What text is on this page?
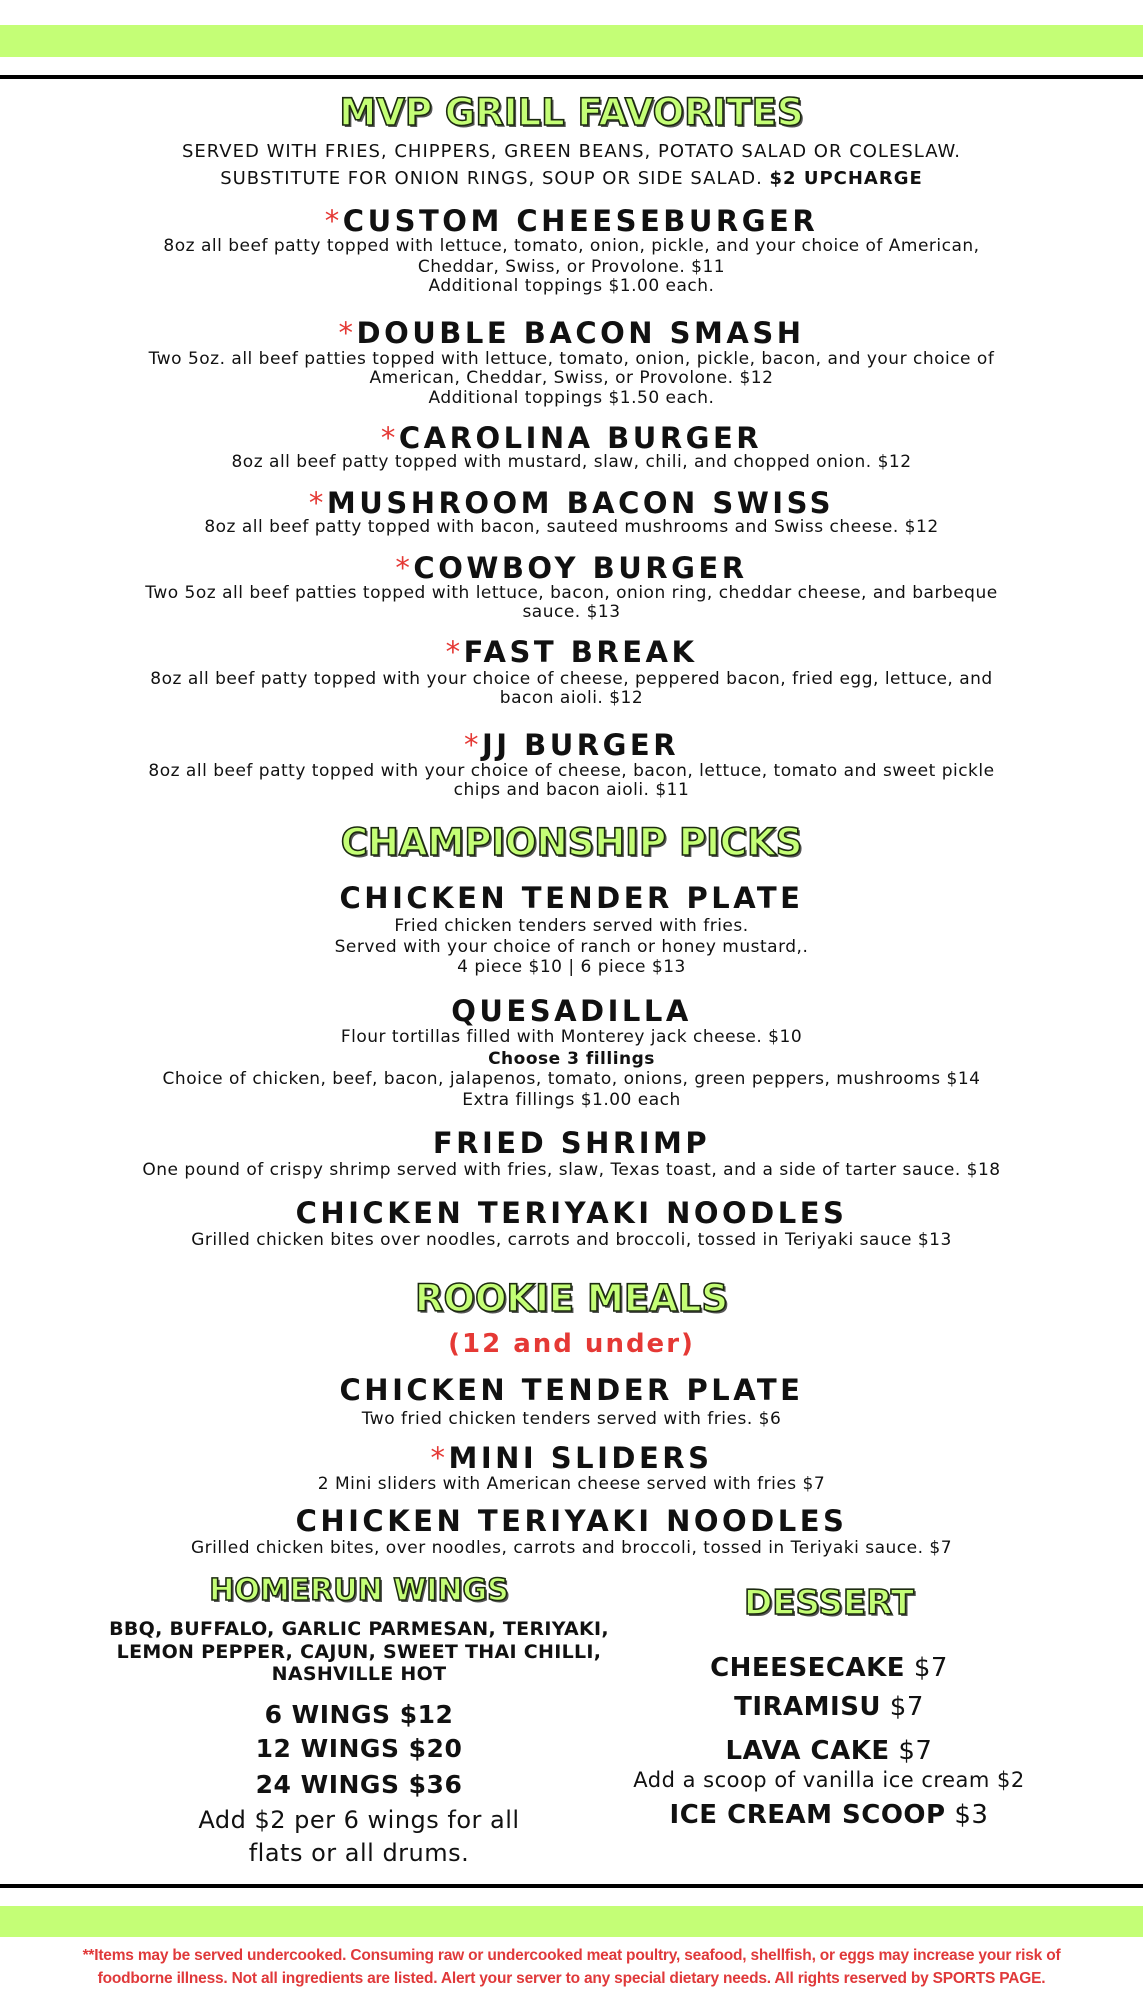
MVP GRILL FAVORITES
SERVED WITH FRIES, CHIPPERS, GREEN BEANS, POTATO SALAD OR COLESLAW.
SUBSTITUTE FOR ONION RINGS, SOUP OR SIDE SALAD. $2 UPCHARGE
*CUSTOM CHEESEBURGER
8oz all beef patty topped with lettuce, tomato, onion, pickle, and your choice of American,
Cheddar, Swiss, or Provolone. $11
Additional toppings $1.00 each.
*DOUBLE BACON SMASH
Two 5oz. all beef patties topped with lettuce, tomato, onion, pickle, bacon, and your choice of
American, Cheddar, Swiss, or Provolone. $12
Additional toppings $1.50 each.
*CAROLINA BURGER
8oz all beef patty topped with mustard, slaw, chili, and chopped onion. $12
*MUSHROOM BACON SWISS
8oz all beef patty topped with bacon, sauteed mushrooms and Swiss cheese. $12
*COWBOY BURGER
Two 5oz all beef patties topped with lettuce, bacon, onion ring, cheddar cheese, and barbeque
sauce. $13
*FAST BREAK
8oz all beef patty topped with your choice of cheese, peppered bacon, fried egg, lettuce, and
bacon aioli. $12
*JJ BURGER
8oz all beef patty topped with your choice of cheese, bacon, lettuce, tomato and sweet pickle
chips and bacon aioli. $11
CHAMPIONSHIP PICKS
CHICKEN TENDER PLATE
Fried chicken tenders served with fries.
Served with your choice of ranch or honey mustard,.
4 piece $10 | 6 piece $13
QUESADILLA
Flour tortillas filled with Monterey jack cheese. $10
Choose 3 fillings
Choice of chicken, beef, bacon, jalapenos, tomato, onions, green peppers, mushrooms $14
Extra fillings $1.00 each
FRIED SHRIMP
One pound of crispy shrimp served with fries, slaw, Texas toast, and a side of tarter sauce. $18
CHICKEN TERIYAKI NOODLES
Grilled chicken bites over noodles, carrots and broccoli, tossed in Teriyaki sauce $13
ROOKIE MEALS
(12 and under)
CHICKEN TENDER PLATE
Two fried chicken tenders served with fries. $6
*MINI SLIDERS
2 Mini sliders with American cheese served with fries $7
CHICKEN TERIYAKI NOODLES
Grilled chicken bites, over noodles, carrots and broccoli, tossed in Teriyaki sauce. $7
HOMERUN WINGS
BBQ, BUFFALO, GARLIC PARMESAN, TERIYAKI,
LEMON PEPPER, CAJUN, SWEET THAI CHILLI,
NASHVILLE HOT
6 WINGS $12
12 WINGS $20
24 WINGS $36
Add $2 per 6 wings for all
flats or all drums.
DESSERT
CHEESECAKE $7
TIRAMISU $7
LAVA CAKE $7
Add a scoop of vanilla ice cream $2
ICE CREAM SCOOP $3
**Items may be served undercooked. Consuming raw or undercooked meat poultry, seafood, shellfish, or eggs may increase your risk of
foodborne illness. Not all ingredients are listed. Alert your server to any special dietary needs. All rights reserved by SPORTS PAGE.
